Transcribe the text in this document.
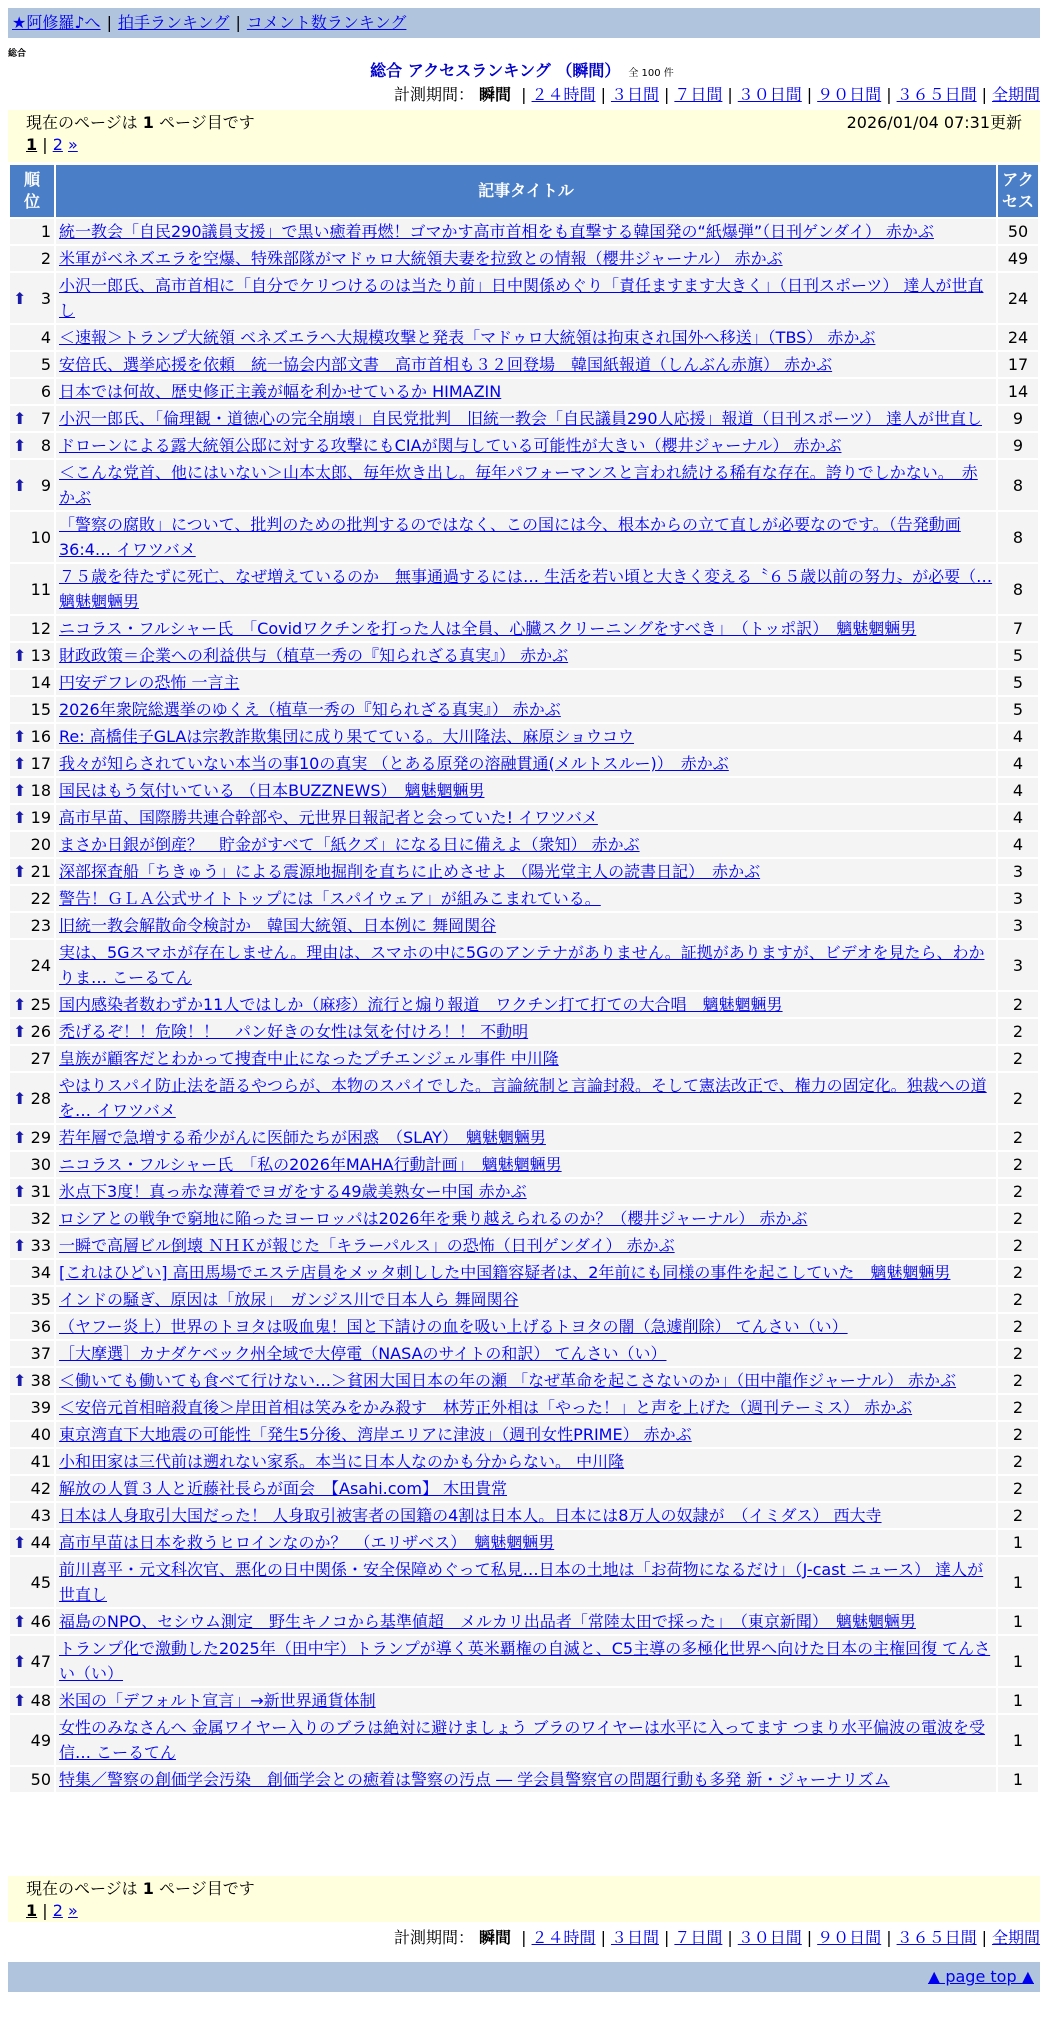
★阿修羅♪へ | 拍手ランキング | コメント数ランキング
総合
総合 アクセスランキング （瞬間） 全 100 件
計測期間： 瞬間 | ２４時間 | ３日間 | ７日間 | ３０日間 | ９０日間 | ３６５日間 | 全期間
現在のページは 1 ページ目です	2026/01/04 07:31更新
1 | 2 »
順位	記事タイトル	アクセス
1	統一教会「自民290議員支援」で黒い癒着再燃！ゴマかす高市首相をも直撃する韓国発の“紙爆弾”（日刊ゲンダイ） 赤かぶ	50
2	米軍がベネズエラを空爆、特殊部隊がマドゥロ大統領夫妻を拉致との情報（櫻井ジャーナル） 赤かぶ	49

⬆ 3	小沢一郎氏、高市首相に「自分でケリつけるのは当たり前」日中関係めぐり「責任ますます大きく」（日刊スポーツ） 達人が世直し	24
4	＜速報＞トランプ大統領 ベネズエラへ大規模攻撃と発表「マドゥロ大統領は拘束され国外へ移送」（TBS） 赤かぶ	24
5	安倍氏、選挙応援を依頼　統一協会内部文書　高市首相も３２回登場　韓国紙報道（しんぶん赤旗） 赤かぶ	17
6	日本では何故、歴史修正主義が幅を利かせているか HIMAZIN	14

⬆ 7	小沢一郎氏、「倫理観・道徳心の完全崩壊」自民党批判　旧統一教会「自民議員290人応援」報道（日刊スポーツ） 達人が世直し	9

⬆ 8	ドローンによる露大統領公邸に対する攻撃にもCIAが関与している可能性が大きい（櫻井ジャーナル） 赤かぶ	9

⬆ 9	＜こんな党首、他にはいない＞山本太郎、毎年炊き出し。毎年パフォーマンスと言われ続ける稀有な存在。誇りでしかない。　赤かぶ	8
10	「警察の腐敗」について、批判のための批判するのではなく、この国には今、根本からの立て直しが必要なのです。（告発動画 36:4… イワツバメ	8
11	７５歳を待たずに死亡、なぜ増えているのか　無事通過するには… 生活を若い頃と大きく変える〝６５歳以前の努力〟が必要（… 魑魅魍魎男	8
12	ニコラス・フルシャー氏　「Covidワクチンを打った人は全員、心臓スクリーニングをすべき」　（トッポ訳）　魑魅魍魎男	7

⬆ 13	財政政策＝企業への利益供与（植草一秀の『知られざる真実』） 赤かぶ	5
14	円安デフレの恐怖 一言主	5
15	2026年衆院総選挙のゆくえ（植草一秀の『知られざる真実』） 赤かぶ	5

⬆ 16	Re: 高橋佳子GLAは宗教詐欺集団に成り果てている。大川隆法、麻原ショウコウ	4

⬆ 17	我々が知らされていない本当の事10の真実 （とある原発の溶融貫通(メルトスルー)）　赤かぶ	4

⬆ 18	国民はもう気付いている （日本BUZZNEWS）　魑魅魍魎男	4

⬆ 19	高市早苗、国際勝共連合幹部や、元世界日報記者と会っていた! イワツバメ	4
20	まさか日銀が倒産？　貯金がすべて「紙クズ」になる日に備えよ（衆知） 赤かぶ	4

⬆ 21	深部探査船「ちきゅう」による震源地掘削を直ちに止めさせよ （陽光堂主人の読書日記）　赤かぶ	3
22	警告！ＧＬＡ公式サイトトップには「スパイウェア」が組みこまれている。	3
23	旧統一教会解散命令検討か　韓国大統領、日本例に 舞岡関谷	3
24	実は、5Gスマホが存在しません。理由は、スマホの中に5Gのアンテナがありません。証拠がありますが、ビデオを見たら、わかりま… こーるてん	3

⬆ 25	国内感染者数わずか11人ではしか（麻疹）流行と煽り報道　ワクチン打て打ての大合唱　魑魅魍魎男	2

⬆ 26	禿げるぞ！！危険！！　パン好きの女性は気を付けろ！！ 不動明	2
27	皇族が顧客だとわかって捜査中止になったプチエンジェル事件 中川隆	2

⬆ 28	やはりスパイ防止法を語るやつらが、本物のスパイでした。言論統制と言論封殺。そして憲法改正で、権力の固定化。独裁への道を… イワツバメ	2

⬆ 29	若年層で急増する希少がんに医師たちが困惑　（SLAY）　魑魅魍魎男	2
30	ニコラス・フルシャー氏　「私の2026年MAHA行動計画」　魑魅魍魎男	2

⬆ 31	氷点下3度！真っ赤な薄着でヨガをする49歳美熟女ー中国 赤かぶ	2
32	ロシアとの戦争で窮地に陥ったヨーロッパは2026年を乗り越えられるのか？（櫻井ジャーナル） 赤かぶ	2

⬆ 33	一瞬で高層ビル倒壊 ＮＨＫが報じた「キラーパルス」の恐怖（日刊ゲンダイ） 赤かぶ	2
34	[これはひどい] 高田馬場でエステ店員をメッタ刺しした中国籍容疑者は、2年前にも同様の事件を起こしていた　魑魅魍魎男	2
35	インドの騒ぎ、原因は「放尿」　ガンジス川で日本人ら 舞岡関谷	2
36	（ヤフー炎上）世界のトヨタは吸血鬼！国と下請けの血を吸い上げるトヨタの闇（急遽削除） てんさい（い）	2
37	［大摩選］カナダケベック州全域で大停電（NASAのサイトの和訳） てんさい（い）	2

⬆ 38	＜働いても働いても食べて行けない…＞貧困大国日本の年の瀬 「なぜ革命を起こさないのか」（田中龍作ジャーナル） 赤かぶ	2
39	＜安倍元首相暗殺直後＞岸田首相は笑みをかみ殺す　林芳正外相は「やった！」と声を上げた（週刊テーミス） 赤かぶ	2
40	東京湾直下大地震の可能性「発生5分後、湾岸エリアに津波」（週刊女性PRIME） 赤かぶ	2
41	小和田家は三代前は遡れない家系。本当に日本人なのかも分からない。 中川隆	2
42	解放の人質３人と近藤社長らが面会　【Asahi.com】 木田貴常	2
43	日本は人身取引大国だった！ 人身取引被害者の国籍の4割は日本人。日本には8万人の奴隷が　（イミダス） 西大寺	2

⬆ 44	高市早苗は日本を救うヒロインなのか？　（エリザベス）　魑魅魍魎男	1
45	前川喜平・元文科次官、悪化の日中関係・安全保障めぐって私見…日本の土地は「お荷物になるだけ」（J-cast ニュース） 達人が世直し	1

⬆ 46	福島のNPO、セシウム測定　野生キノコから基準値超　メルカリ出品者「常陸太田で採った」　（東京新聞）　魑魅魍魎男	1

⬆ 47	トランプ化で激動した2025年（田中宇）トランプが導く英米覇権の自滅と、C5主導の多極化世界へ向けた日本の主権回復 てんさい（い）	1

⬆ 48	米国の「デフォルト宣言」→新世界通貨体制	1
49	女性のみなさんへ 金属ワイヤー入りのブラは絶対に避けましょう ブラのワイヤーは水平に入ってます つまり水平偏波の電波を受信… こーるてん	1
50	特集／警察の創価学会汚染　創価学会との癒着は警察の汚点 ― 学会員警察官の問題行動も多発 新・ジャーナリズム	1
現在のページは 1 ページ目です
1 | 2 »
計測期間： 瞬間 | ２４時間 | ３日間 | ７日間 | ３０日間 | ９０日間 | ３６５日間 | 全期間
▲ page top ▲
